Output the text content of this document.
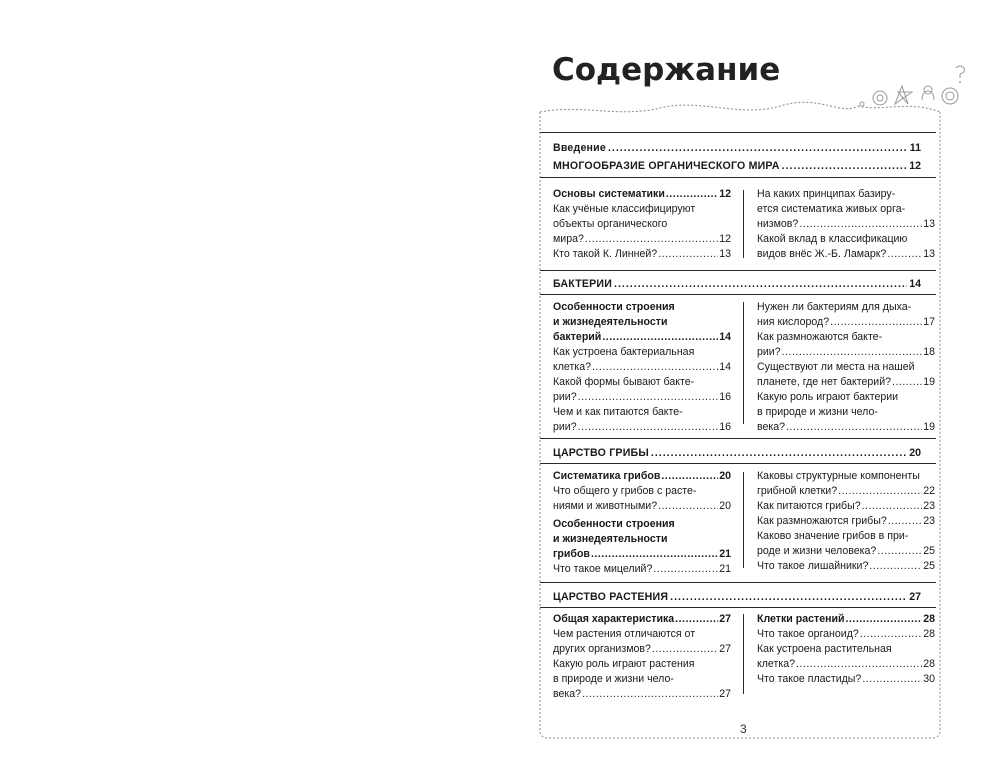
Содержание
Введение .....	11
МНОГООБРАЗИЕ ОРГАНИЧЕСКОГО МИРА .....	12
Основы систематики .....	12
Как учёные классифицируют
объекты органического
мира? .....	12
Кто такой К. Линней? .....	13
На каких принципах базиру-
ется систематика живых орга-
низмов? .....	13
Какой вклад в классификацию
видов внёс Ж.-Б. Ламарк? .....	13
БАКТЕРИИ .....	14
Особенности строения
и жизнедеятельности
бактерий .....	14
Как устроена бактериальная
клетка? .....	14
Какой формы бывают бакте-
рии? .....	16
Чем и как питаются бакте-
рии? .....	16
Нужен ли бактериям для дыха-
ния кислород? .....	17
Как размножаются бакте-
рии? .....	18
Существуют ли места на нашей
планете, где нет бактерий? .....	19
Какую роль играют бактерии
в природе и жизни чело-
века? .....	19
ЦАРСТВО ГРИБЫ .....	20
Систематика грибов .....	20
Что общего у грибов с расте-
ниями и животными? .....	20
Особенности строения
и жизнедеятельности
грибов .....	21
Что такое мицелий? .....	21
Каковы структурные компоненты
грибной клетки? .....	22
Как питаются грибы? .....	23
Как размножаются грибы? .....	23
Каково значение грибов в при-
роде и жизни человека? .....	25
Что такое лишайники? .....	25
ЦАРСТВО РАСТЕНИЯ .....	27
Общая характеристика .....	27
Чем растения отличаются от
других организмов? .....	27
Какую роль играют растения
в природе и жизни чело-
века? .....	27
Клетки растений .....	28
Что такое органоид? .....	28
Как устроена растительная
клетка? .....	28
Что такое пластиды? .....	30
3
